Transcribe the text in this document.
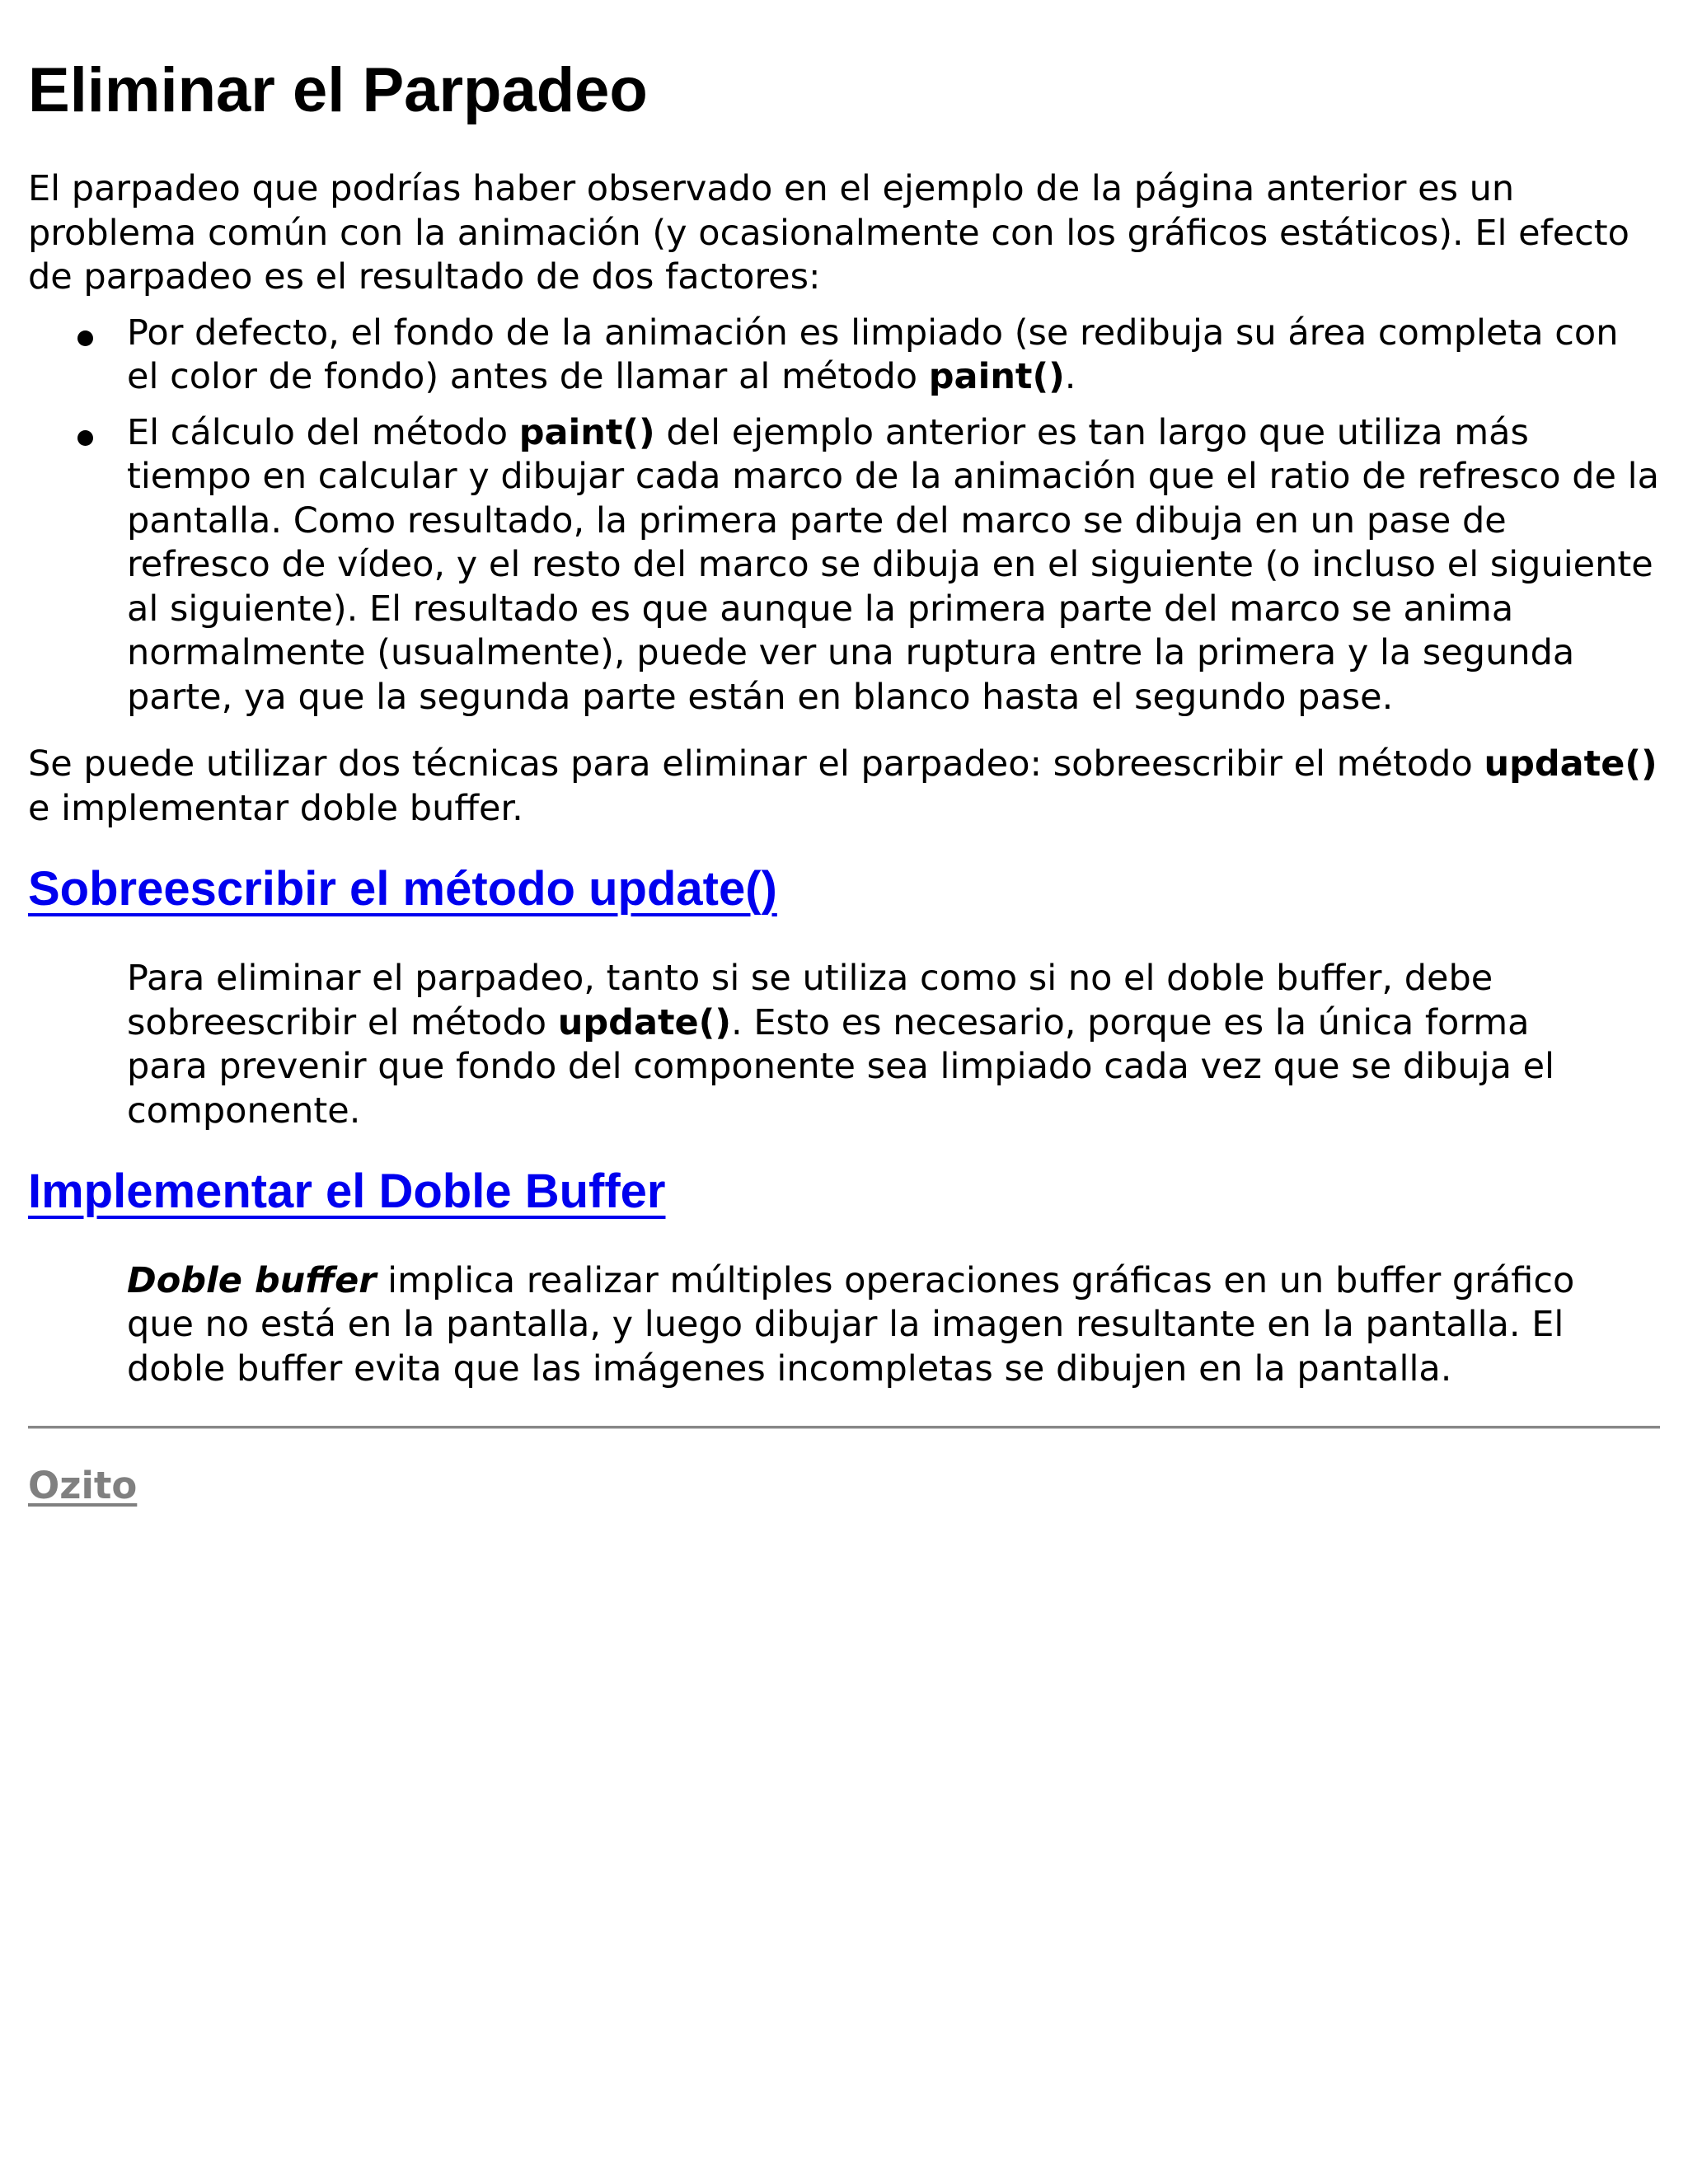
Eliminar el Parpadeo

El parpadeo que podrías haber observado en el ejemplo de la página anterior es un problema común con la animación (y ocasionalmente con los gráficos estáticos). El efecto de parpadeo es el resultado de dos factores:

Por defecto, el fondo de la animación es limpiado (se redibuja su área completa con el color de fondo) antes de llamar al método paint().
El cálculo del método paint() del ejemplo anterior es tan largo que utiliza más tiempo en calcular y dibujar cada marco de la animación que el ratio de refresco de la pantalla. Como resultado, la primera parte del marco se dibuja en un pase de refresco de vídeo, y el resto del marco se dibuja en el siguiente (o incluso el siguiente al siguiente). El resultado es que aunque la primera parte del marco se anima normalmente (usualmente), puede ver una ruptura entre la primera y la segunda parte, ya que la segunda parte están en blanco hasta el segundo pase.

Se puede utilizar dos técnicas para eliminar el parpadeo: sobreescribir el método update() e implementar doble buffer.

Sobreescribir el método update()

Para eliminar el parpadeo, tanto si se utiliza como si no el doble buffer, debe sobreescribir el método update(). Esto es necesario, porque es la única forma para prevenir que fondo del componente sea limpiado cada vez que se dibuja el componente.

Implementar el Doble Buffer

Doble buffer implica realizar múltiples operaciones gráficas en un buffer gráfico que no está en la pantalla, y luego dibujar la imagen resultante en la pantalla. El doble buffer evita que las imágenes incompletas se dibujen en la pantalla.

Ozito
